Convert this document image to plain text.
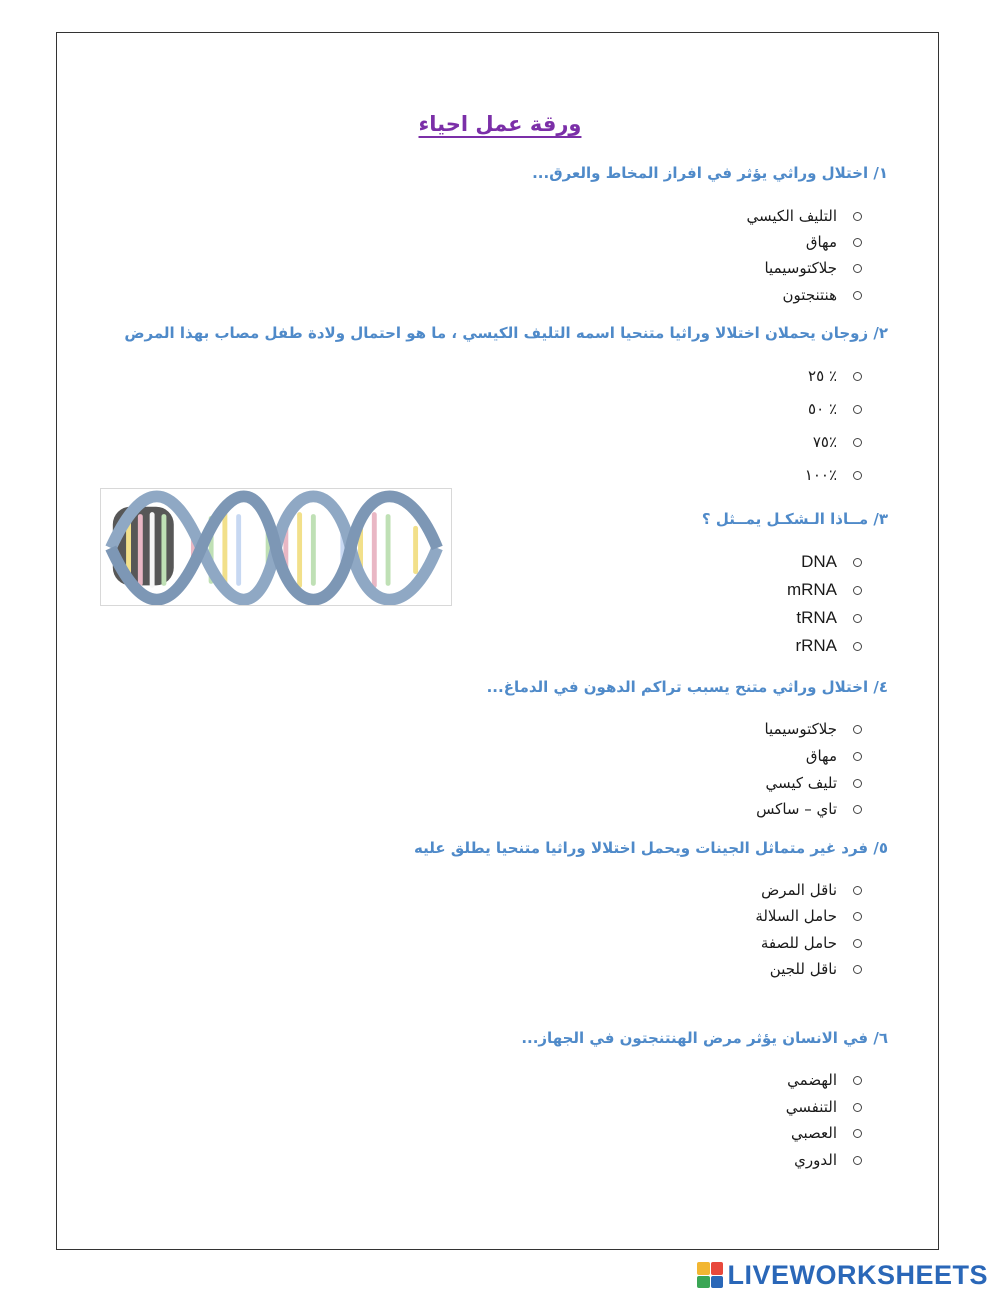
ورقة عمل احياء
١/ اختلال وراثي يؤثر في افراز المخاط والعرق...
التليف الكيسي
مهاق
جلاكتوسيميا
هنتنجتون
٢/ زوجان يحملان اختلالا وراثيا متنحيا اسمه التليف الكيسي ، ما هو احتمال ولادة طفل مصاب بهذا المرض
٪ ٢٥
٪ ٥٠
٪٧٥
٪١٠٠
٣/ مــاذا الـشكـل يمــثل ؟
DNA
mRNA
tRNA
rRNA
٤/ اختلال وراثي متنح يسبب تراكم الدهون في الدماغ...
جلاكتوسيميا
مهاق
تليف كيسي
تاي – ساكس
٥/ فرد غير متماثل الجينات ويحمل اختلالا وراثيا متنحيا يطلق عليه
ناقل المرض
حامل السلالة
حامل للصفة
ناقل للجين
٦/ في الانسان يؤثر مرض الهنتنجتون في الجهاز...
الهضمي
التنفسي
العصبي
الدوري
LIVEWORKSHEETS
